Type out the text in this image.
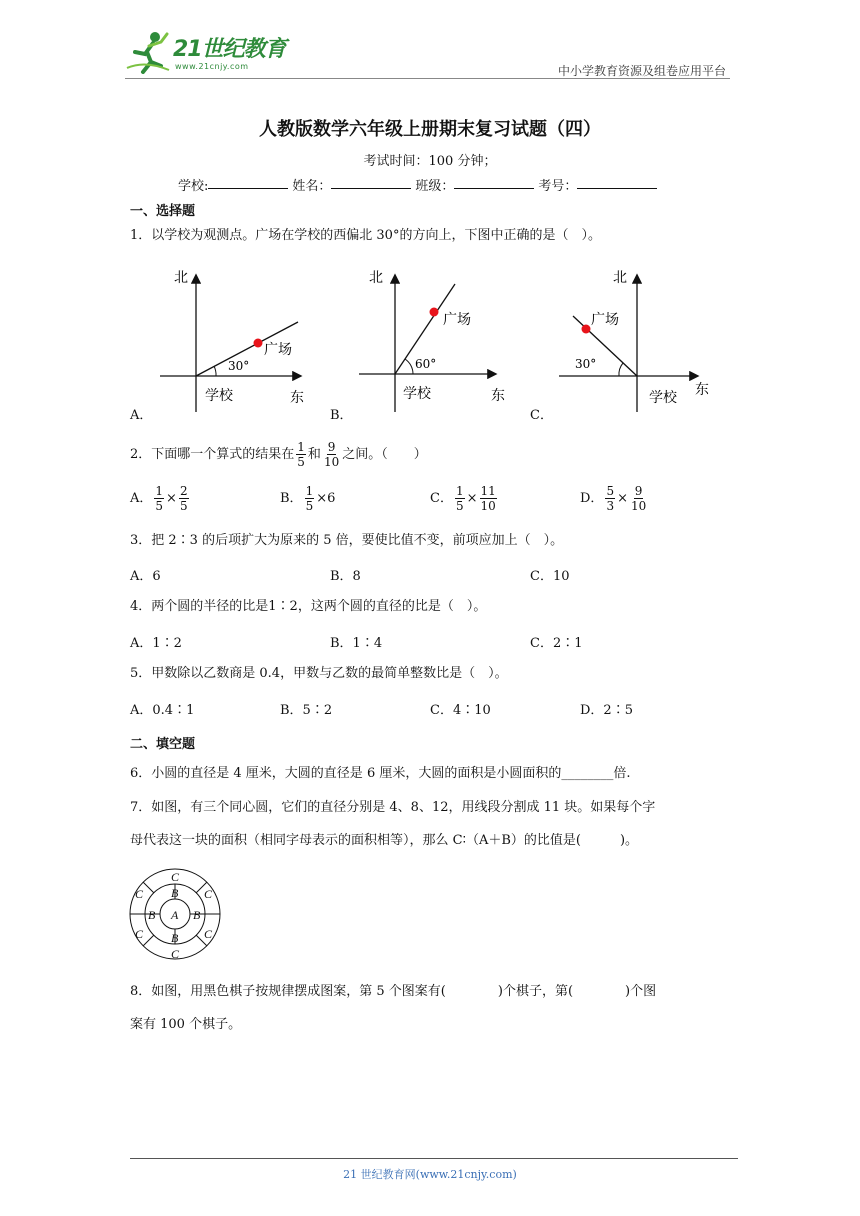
21世纪教育
www.21cnjy.com	中小学教育资源及组卷应用平台
人教版数学六年级上册期末复习试题（四）
考试时间：100 分钟；
学校:	姓名：	班级：	考号：
一、选择题
1．以学校为观测点。广场在学校的西偏北 30°的方向上，下图中正确的是（　）。
北
东
学校
广场
30°
A．
北
东
学校
广场
60°
B．
北
东
学校
广场
30°
C．
2．下面哪一个算式的结果在 $\frac{1}{5}$ 和 $\frac{9}{10}$ 之间。（　　）
A． $\frac{1}{5} \times \frac{2}{5}$	B． $\frac{1}{5} \times 6$	C． $\frac{1}{5} \times \frac{11}{10}$	D． $\frac{5}{3} \times \frac{9}{10}$
3．把 2∶3 的后项扩大为原来的 5 倍，要使比值不变，前项应加上（　）。
A．6	B．8	C．10
4．两个圆的半径的比是1∶2，这两个圆的直径的比是（　）。
A．1∶2	B．1∶4	C．2∶1
5．甲数除以乙数商是 0.4，甲数与乙数的最简单整数比是（　）。
A．0.4∶1	B．5∶2	C．4∶10	D．2∶5
二、填空题
6．小圆的直径是 4 厘米，大圆的直径是 6 厘米，大圆的面积是小圆面积的________倍.
7．如图，有三个同心圆，它们的直径分别是 4、8、12，用线段分割成 11 块。如果每个字
母代表这一块的面积（相同字母表示的面积相等），那么 C∶（A＋B）的比值是(　　　)。
A
B
B
B	B
C
C
C	C
C	C
8．如图，用黑色棋子按规律摆成图案，第 5 个图案有(　　　　)个棋子，第(　　　　)个图
案有 100 个棋子。
21 世纪教育网(www.21cnjy.com)
